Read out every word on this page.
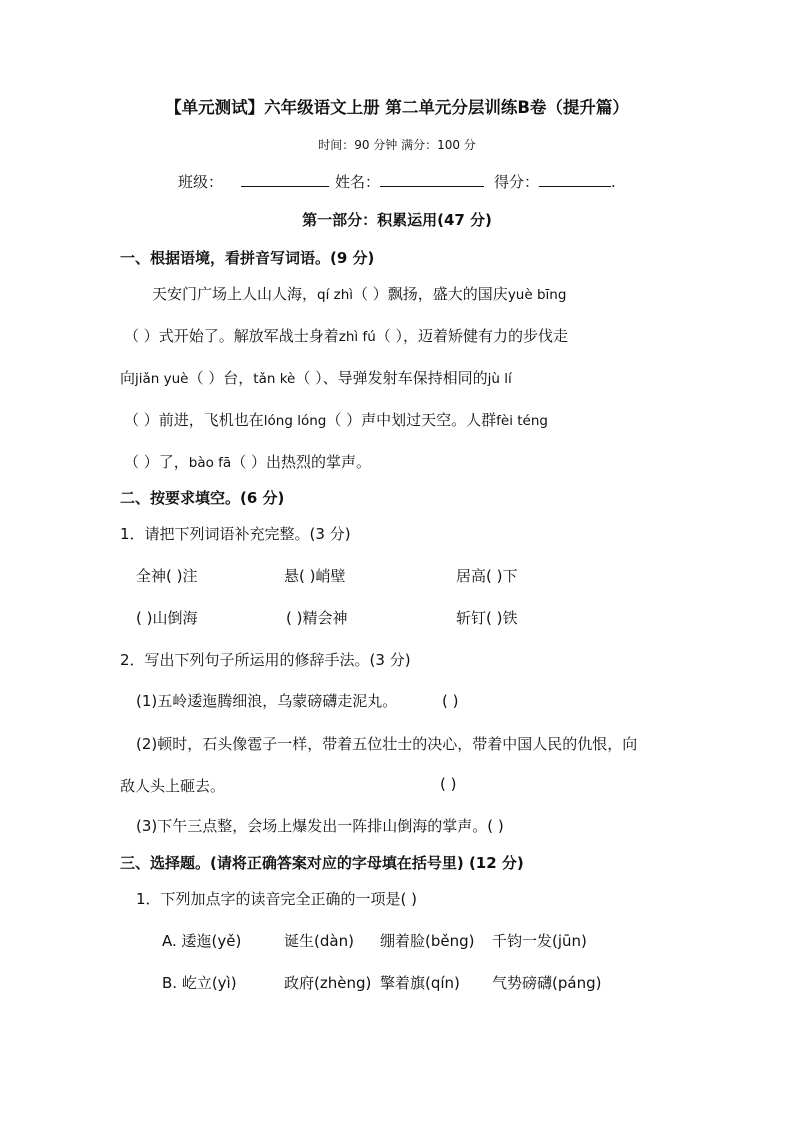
【单元测试】六年级语文上册 第二单元分层训练B卷（提升篇）
时间：90 分钟 满分：100 分
班级：	姓名：	得分：	.
第一部分：积累运用(47 分)
一、根据语境，看拼音写词语。(9 分)
天安门广场上人山人海，qí zhì（ ）飘扬，盛大的国庆yuè bīng
（ ）式开始了。解放军战士身着zhì fú（ ），迈着矫健有力的步伐走
向jiǎn yuè（ ）台，tǎn kè（ ）、导弹发射车保持相同的jù lí
（ ）前进，飞机也在lóng lóng（ ）声中划过天空。人群fèi téng
（ ）了，bào fā（ ）出热烈的掌声。
二、按要求填空。(6 分)
1．请把下列词语补充完整。(3 分)
全神( )注	悬( )峭壁	居高( )下
( )山倒海	( )精会神	斩钉( )铁
2．写出下列句子所运用的修辞手法。(3 分)
(1)五岭逶迤腾细浪，乌蒙磅礴走泥丸。	( )
(2)顿时，石头像雹子一样，带着五位壮士的决心，带着中国人民的仇恨，向
敌人头上砸去。	( )
(3)下午三点整，会场上爆发出一阵排山倒海的掌声。( )
三、选择题。(请将正确答案对应的字母填在括号里) (12 分)
1．下列加点字的读音完全正确的一项是( )
A. 逶迤(yě)	诞生(dàn) 绷着脸(běng) 千钧一发(jūn)
B. 屹立(yì)	政府(zhèng) 擎着旗(qín) 气势磅礴(páng)
